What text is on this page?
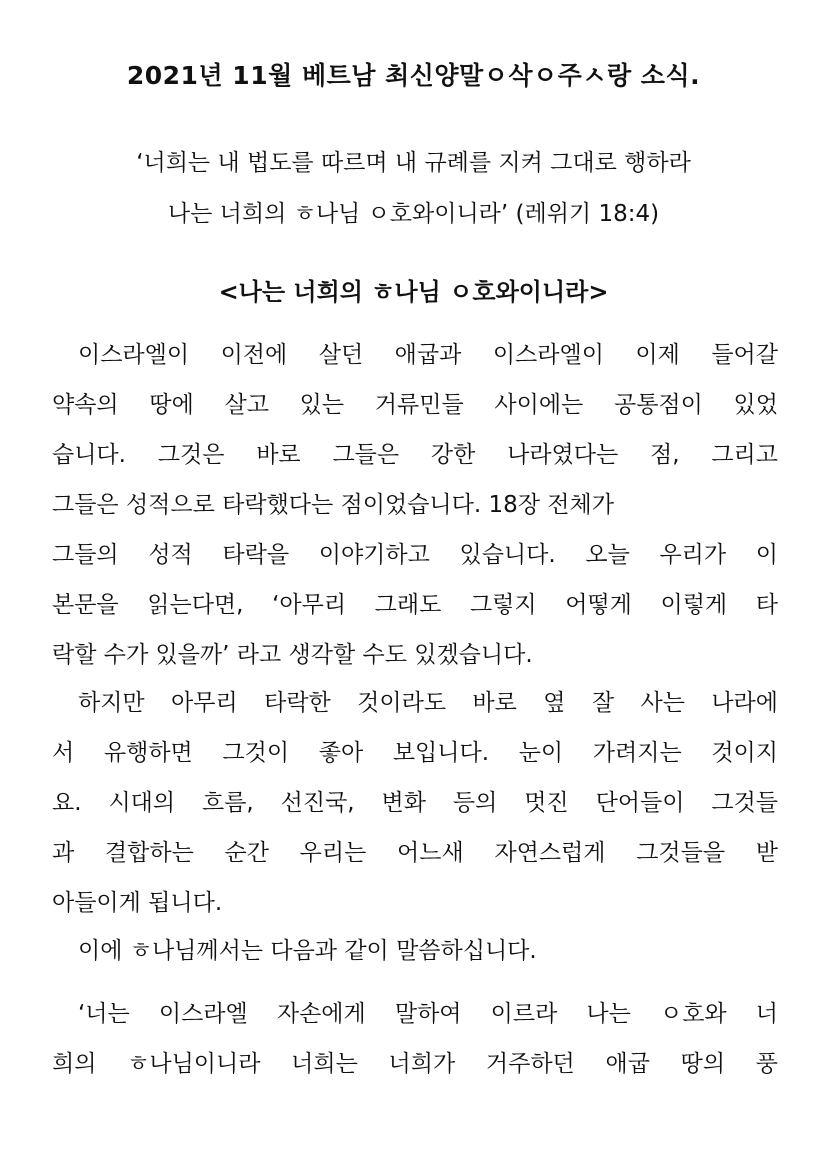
2021년 11월 베트남 최신양말ㅇ삭ㅇ주ㅅ랑 소식.
‘너희는 내 법도를 따르며 내 규례를 지켜 그대로 행하라
나는 너희의 ㅎ나님 ㅇ호와이니라’ (레위기 18:4)
<나는 너희의 ㅎ나님 ㅇ호와이니라>
이스라엘이 이전에 살던 애굽과 이스라엘이 이제 들어갈
약속의 땅에 살고 있는 거류민들 사이에는 공통점이 있었
습니다. 그것은 바로 그들은 강한 나라였다는 점, 그리고
그들은 성적으로 타락했다는 점이었습니다. 18장 전체가
그들의 성적 타락을 이야기하고 있습니다. 오늘 우리가 이
본문을 읽는다면, ‘아무리 그래도 그렇지 어떻게 이렇게 타
락할 수가 있을까’ 라고 생각할 수도 있겠습니다.
하지만 아무리 타락한 것이라도 바로 옆 잘 사는 나라에
서 유행하면 그것이 좋아 보입니다. 눈이 가려지는 것이지
요. 시대의 흐름, 선진국, 변화 등의 멋진 단어들이 그것들
과 결합하는 순간 우리는 어느새 자연스럽게 그것들을 받
아들이게 됩니다.
이에 ㅎ나님께서는 다음과 같이 말씀하십니다.
‘너는 이스라엘 자손에게 말하여 이르라 나는 ㅇ호와 너
희의 ㅎ나님이니라 너희는 너희가 거주하던 애굽 땅의 풍
